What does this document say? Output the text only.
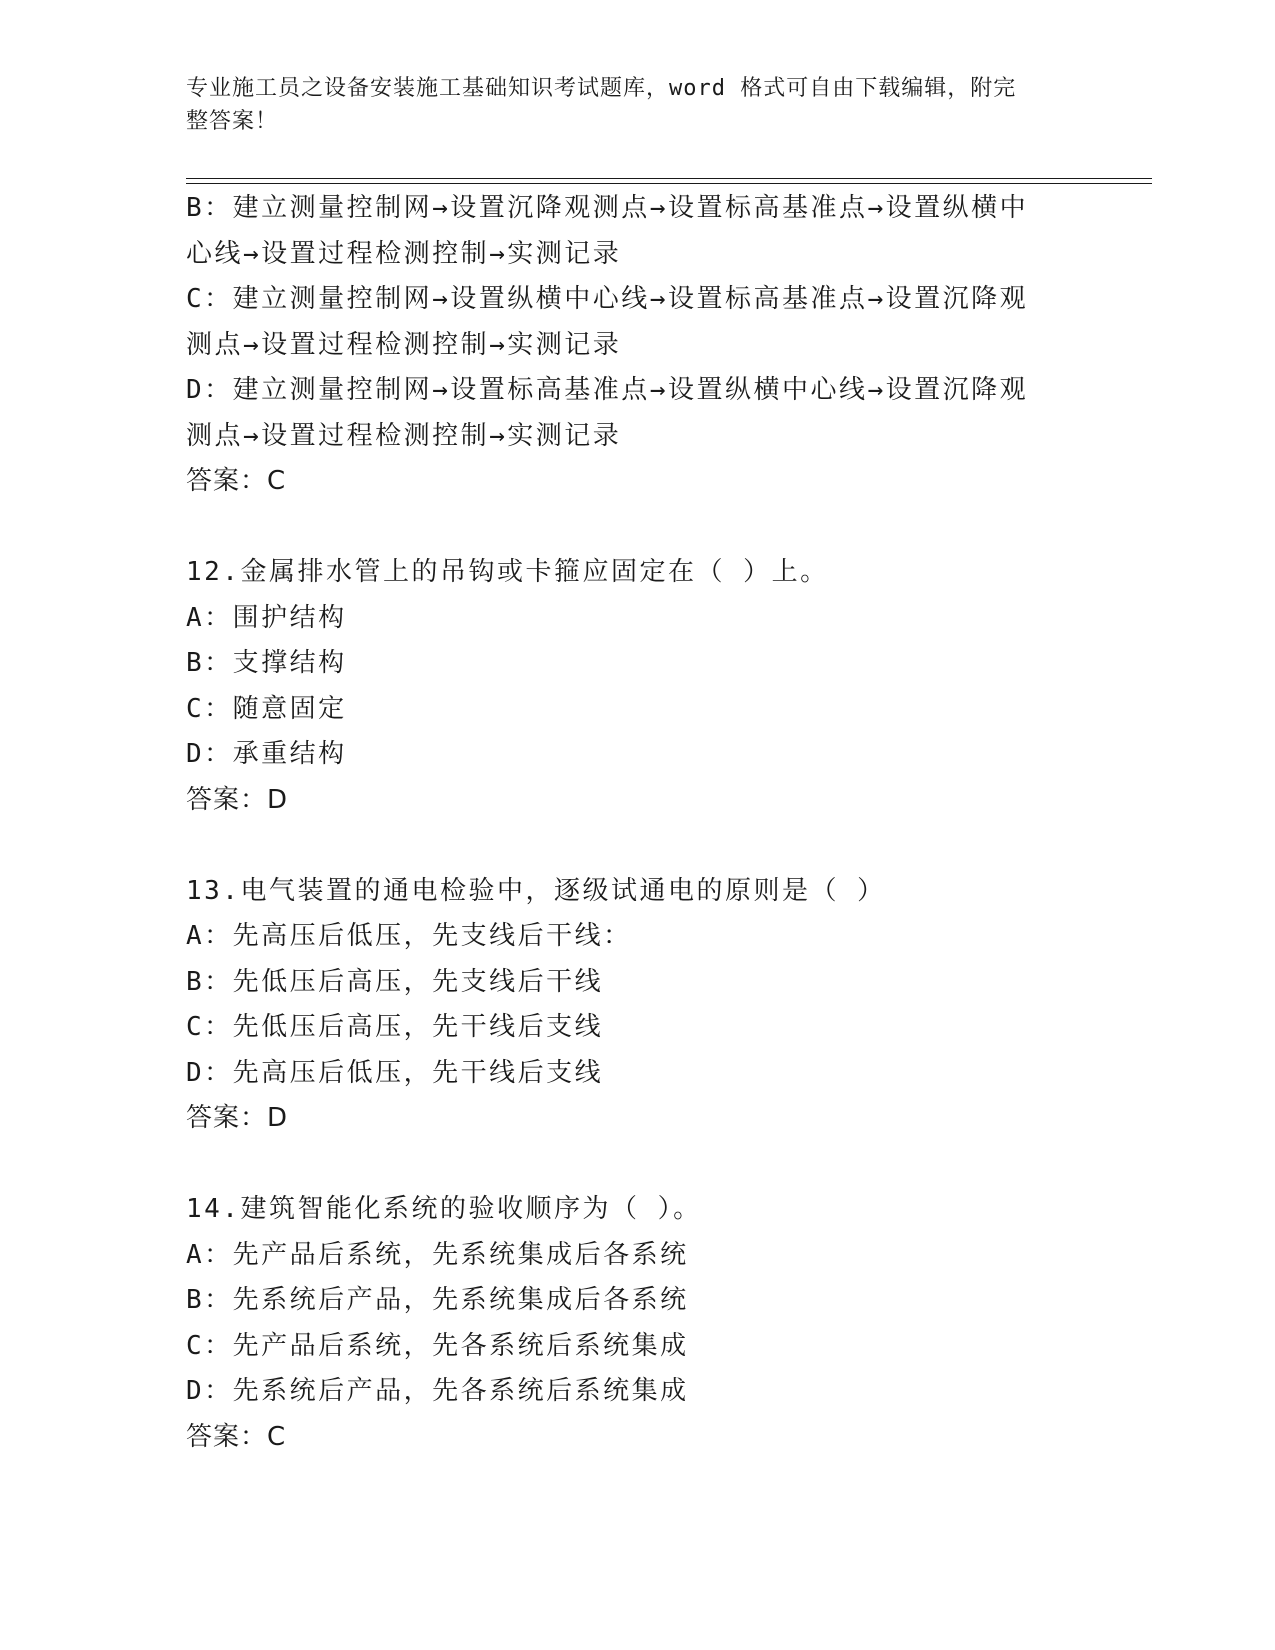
专业施工员之设备安装施工基础知识考试题库，word 格式可自由下载编辑，附完
整答案！
B：建立测量控制网→设置沉降观测点→设置标高基准点→设置纵横中
心线→设置过程检测控制→实测记录
C：建立测量控制网→设置纵横中心线→设置标高基准点→设置沉降观
测点→设置过程检测控制→实测记录
D：建立测量控制网→设置标高基准点→设置纵横中心线→设置沉降观
测点→设置过程检测控制→实测记录
答案：C
12.金属排水管上的吊钩或卡箍应固定在（ ）上。
A：围护结构
B：支撑结构
C：随意固定
D：承重结构
答案：D
13.电气装置的通电检验中，逐级试通电的原则是（ ）
A：先高压后低压，先支线后干线：
B：先低压后高压，先支线后干线
C：先低压后高压，先干线后支线
D：先高压后低压，先干线后支线
答案：D
14.建筑智能化系统的验收顺序为（ ）。
A：先产品后系统，先系统集成后各系统
B：先系统后产品，先系统集成后各系统
C：先产品后系统，先各系统后系统集成
D：先系统后产品，先各系统后系统集成
答案：C
